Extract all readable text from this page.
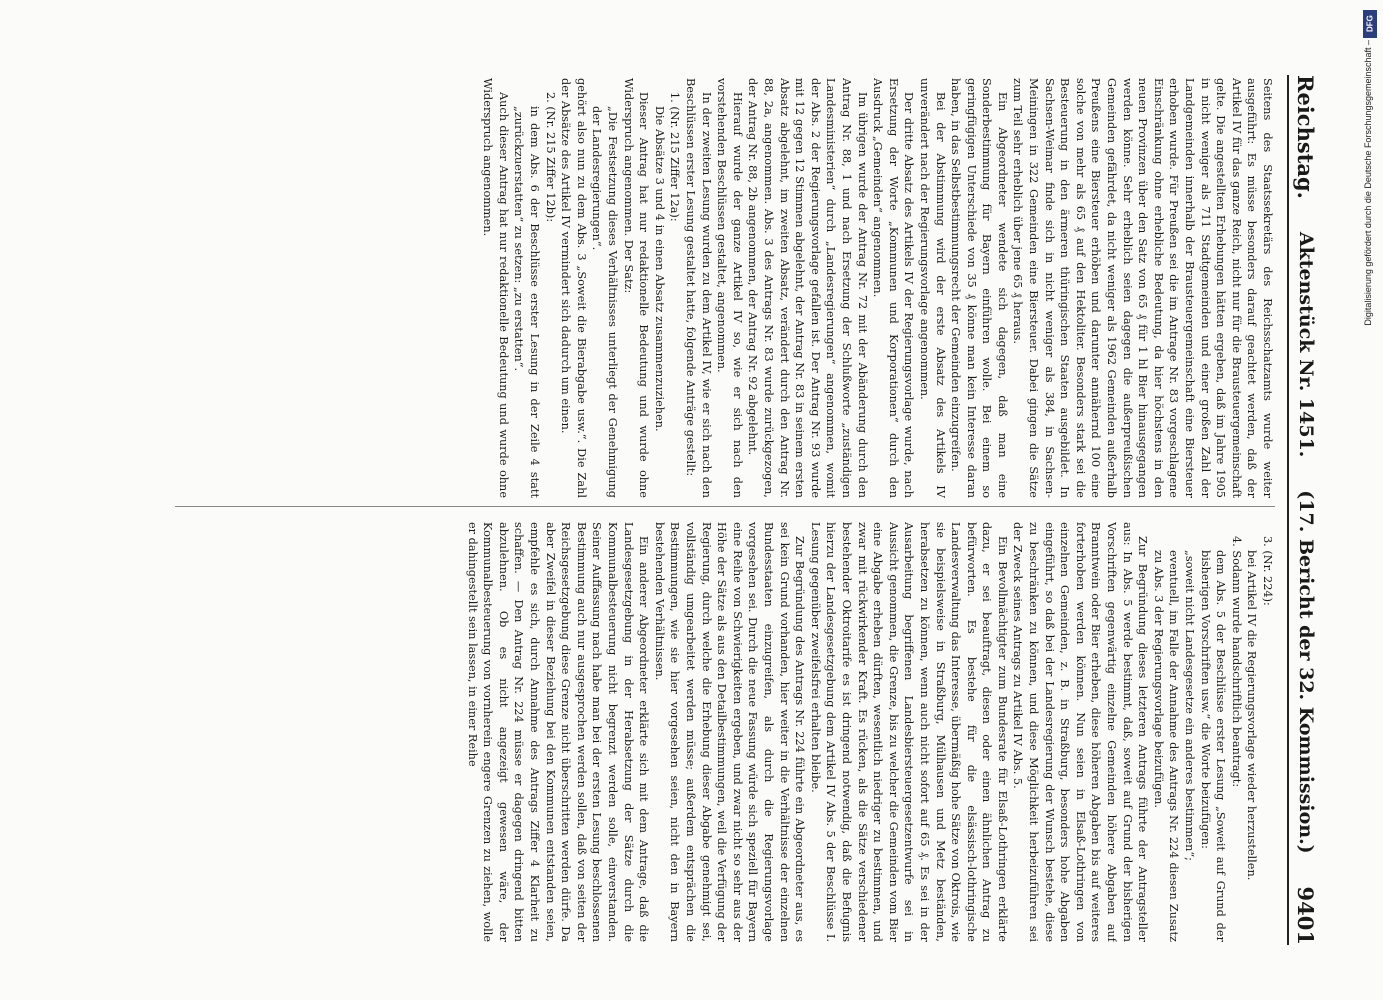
Reichstag.
Aktenstück Nr. 1451.
(17. Bericht der 32. Kommission.)
9401

Seitens des Staatssekretärs des Reichsschatzamts wurde weiter ausgeführt: Es müsse besonders darauf geachtet werden, daß der Artikel IV für das ganze Reich, nicht nur für die Brausteuergemeinschaft gelte. Die angestellten Erhebungen hätten ergeben, daß im Jahre 1905 in nicht weniger als 711 Stadtgemeinden und einer großen Zahl der Landgemeinden innerhalb der Brausteuergemeinschaft eine Biersteuer erhoben wurde. Für Preußen sei die im Antrage Nr. 83 vorgeschlagene Einschränkung ohne erhebliche Bedeutung, da hier höchstens in den neuen Provinzen über den Satz von 65 ₰ für 1 hl Bier hinausgegangen werden könne. Sehr erheblich seien dagegen die außerpreußischen Gemeinden gefährdet, da nicht weniger als 1962 Gemeinden außerhalb Preußens eine Biersteuer erhöben und darunter annähernd 100 eine solche von mehr als 65 ₰ auf den Hektoliter. Besonders stark sei die Besteuerung in den ärmeren thüringischen Staaten ausgebildet. In Sachsen-Weimar finde sich in nicht weniger als 384, in Sachsen-Meiningen in 322 Gemeinden eine Biersteuer. Dabei gingen die Sätze zum Teil sehr erheblich über jene 65 ₰ heraus.

Ein Abgeordneter wendete sich dagegen, daß man eine Sonderbestimmung für Bayern einführen wolle. Bei einem so geringfügigen Unterschiede von 35 ₰ könne man kein Interesse daran haben, in das Selbstbestimmungsrecht der Gemeinden einzugreifen.

Bei der Abstimmung wird der erste Absatz des Artikels IV unverändert nach der Regierungsvorlage angenommen.

Der dritte Absatz des Artikels IV der Regierungsvorlage wurde, nach Ersetzung der Worte „Kommunen und Korporationen“ durch den Ausdruck „Gemeinden“ angenommen.

Im übrigen wurde der Antrag Nr. 72 mit der Abänderung durch den Antrag Nr. 88, 1 und nach Ersetzung der Schlußworte „zuständigen Landesministerien“ durch „Landesregierungen“ angenommen, womit der Abs. 2 der Regierungsvorlage gefallen ist. Der Antrag Nr. 93 wurde mit 12 gegen 12 Stimmen abgelehnt, der Antrag Nr. 83 in seinem ersten Absatz abgelehnt, im zweiten Absatz, verändert durch den Antrag Nr. 88, 2a, angenommen. Abs. 3 des Antrags Nr. 83 wurde zurückgezogen, der Antrag Nr. 88, 2b angenommen, der Antrag Nr. 92 abgelehnt.

Hierauf wurde der ganze Artikel IV so, wie er sich nach den vorstehenden Beschlüssen gestaltet, angenommen.

In der zweiten Lesung wurden zu dem Artikel IV, wie er sich nach den Beschlüssen erster Lesung gestaltet hatte, folgende Anträge gestellt:

1. (Nr. 215 Ziffer 12a):

Die Absätze 3 und 4 in einen Absatz zusammenzuziehen.

Dieser Antrag hat nur redaktionelle Bedeutung und wurde ohne Widerspruch angenommen. Der Satz:

„Die Festsetzung dieses Verhältnisses unterliegt der Genehmigung der Landesregierungen“.

gehört also nun zu dem Abs. 3 „Soweit die Bierabgabe usw.“. Die Zahl der Absätze des Artikel IV vermindert sich dadurch um einen.

2. (Nr. 215 Ziffer 12b):

in dem Abs. 6 der Beschlüsse erster Lesung in der Zeile 4 statt „zurückzuerstatten“ zu setzen: „zu erstatten“.

Auch dieser Antrag hat nur redaktionelle Bedeutung und wurde ohne Widerspruch angenommen.

3. (Nr. 224):

bei Artikel IV die Regierungsvorlage wieder herzustellen.

4. Sodann wurde handschriftlich beantragt:

dem Abs. 5 der Beschlüsse erster Lesung „Soweit auf Grund der bisherigen Vorschriften usw.“ die Worte beizufügen:

„soweit nicht Landesgesetze ein anderes bestimmen“;

eventuell, im Falle der Annahme des Antrags Nr. 224 diesen Zusatz zu Abs. 3 der Regierungsvorlage beizufügen.

Zur Begründung dieses letzteren Antrags führte der Antragsteller aus: In Abs. 5 werde bestimmt, daß, soweit auf Grund der bisherigen Vorschriften gegenwärtig einzelne Gemeinden höhere Abgaben auf Branntwein oder Bier erheben, diese höheren Abgaben bis auf weiteres forterhoben werden können. Nun seien in Elsaß-Lothringen von einzelnen Gemeinden, z. B. in Straßburg, besonders hohe Abgaben eingeführt, so daß bei der Landesregierung der Wunsch bestehe, diese zu beschränken zu können, und diese Möglichkeit herbeizuführen sei der Zweck seines Antrags zu Artikel IV Abs. 5.

Ein Bevollmächtigter zum Bundesrate für Elsaß-Lothringen erklärte dazu, er sei beauftragt, diesen oder einen ähnlichen Antrag zu befürworten. Es bestehe für die elsässisch-lothringische Landesverwaltung das Interesse, übermäßig hohe Sätze von Oktrois, wie sie beispielsweise in Straßburg, Mülhausen und Metz beständen, herabsetzen zu können, wenn auch nicht sofort auf 65 ₰. Es sei in der Ausarbeitung begriffenen Landesbiersteuergesetzentwurfe sei in Aussicht genommen, die Grenze, bis zu welcher die Gemeinden vom Bier eine Abgabe erheben dürften, wesentlich niedriger zu bestimmen, und zwar mit rückwirkender Kraft. Es rücken, als die Sätze verschiedener bestehender Oktroitarife es ist dringend notwendig, daß die Befugnis hierzu der Landesgesetzgebung dem Artikel IV Abs. 5 der Beschlüsse I. Lesung gegenüber zweifelsfrei erhalten bleibe.

Zur Begründung des Antrags Nr. 224 führte ein Abgeordneter aus, es sei kein Grund vorhanden, hier weiter in die Verhältnisse der einzelnen Bundesstaaten einzugreifen, als durch die Regierungsvorlage vorgesehen sei. Durch die neue Fassung würde sich speziell für Bayern eine Reihe von Schwierigkeiten ergeben, und zwar nicht so sehr aus der Höhe der Sätze als aus den Detailbestimmungen, weil die Verfügung der Regierung, durch welche die Erhebung dieser Abgabe genehmigt sei, vollständig umgearbeitet werden müsse; außerdem entsprächen die Bestimmungen, wie sie hier vorgesehen seien, nicht den in Bayern bestehenden Verhältnissen.

Ein anderer Abgeordneter erklärte sich mit dem Antrage, daß die Landesgesetzgebung in der Herabsetzung der Sätze durch die Kommunalbesteuerung nicht begrenzt werden solle, einverstanden. Seiner Auffassung nach habe man bei der ersten Lesung beschlossenen Bestimmung auch nur ausgesprochen werden sollen, daß von seiten der Reichsgesetzgebung diese Grenze nicht überschritten werden dürfe. Da aber Zweifel in dieser Beziehung bei den Kommunen entstanden seien, empfehle es sich, durch Annahme des Antrags Ziffer 4 Klarheit zu schaffen. — Den Antrag Nr. 224 müsse er dagegen dringend bitten abzulehnen. Ob es nicht angezeigt gewesen wäre, der Kommunalbesteuerung von vornherein engere Grenzen zu ziehen, wolle er dahingestellt sein lassen, in einer Reihe

Digitalisierung gefördert durch die Deutsche Forschungsgemeinschaft –
DFG
